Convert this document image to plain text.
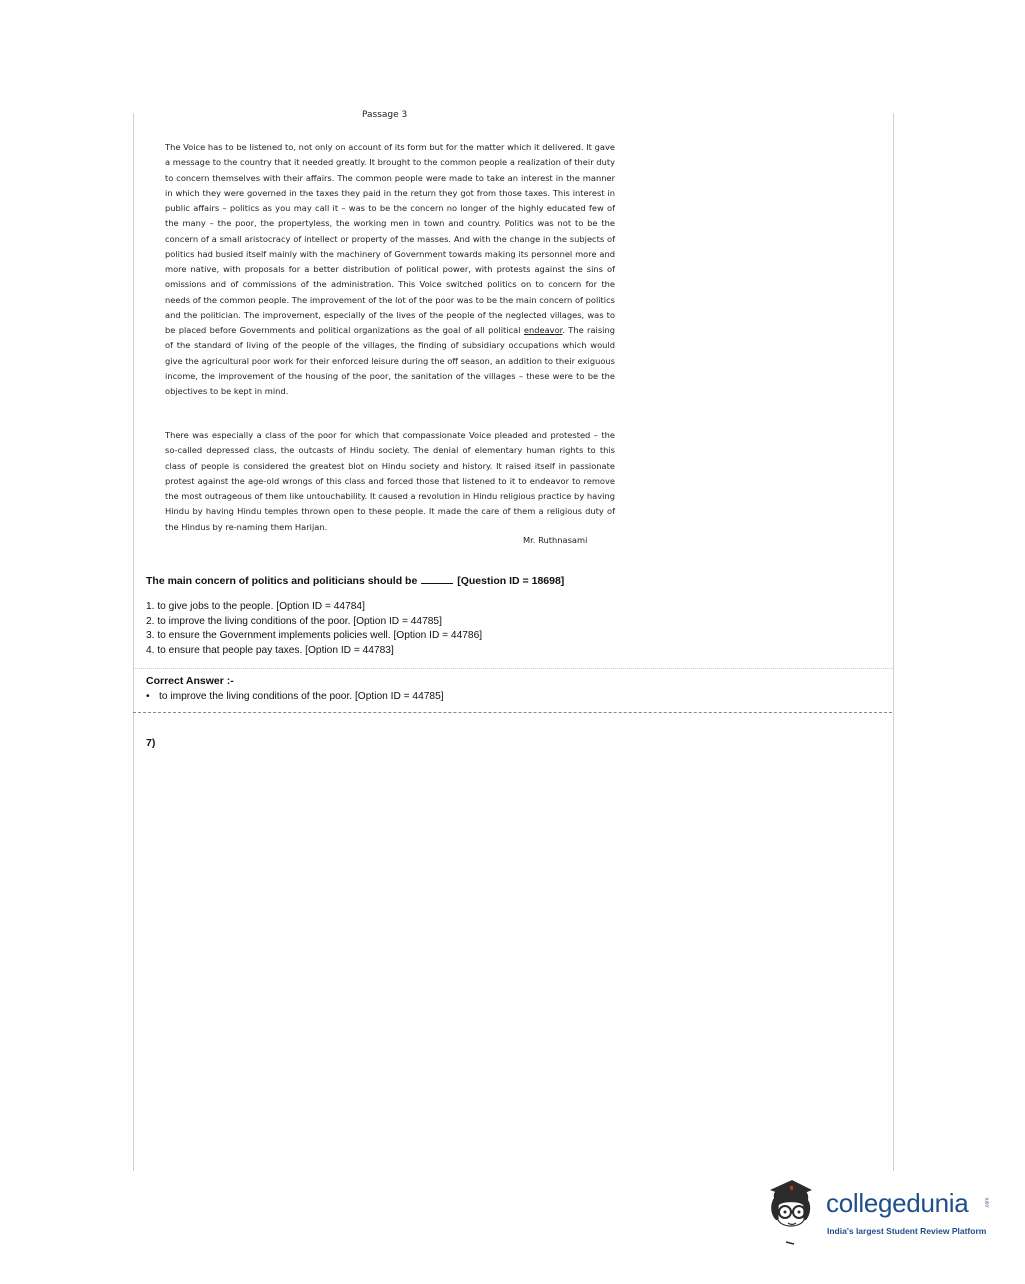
Passage 3
The Voice has to be listened to, not only on account of its form but for the matter which it delivered. It gave a message to the country that it needed greatly. It brought to the common people a realization of their duty to concern themselves with their affairs. The common people were made to take an interest in the manner in which they were governed in the taxes they paid in the return they got from those taxes. This interest in public affairs – politics as you may call it – was to be the concern no longer of the highly educated few of the many – the poor, the propertyless, the working men in town and country. Politics was not to be the concern of a small aristocracy of intellect or property of the masses. And with the change in the subjects of politics had busied itself mainly with the machinery of Government towards making its personnel more and more native, with proposals for a better distribution of political power, with protests against the sins of omissions and of commissions of the administration. This Voice switched politics on to concern for the needs of the common people. The improvement of the lot of the poor was to be the main concern of politics and the politician. The improvement, especially of the lives of the people of the neglected villages, was to be placed before Governments and political organizations as the goal of all political endeavor. The raising of the standard of living of the people of the villages, the finding of subsidiary occupations which would give the agricultural poor work for their enforced leisure during the off season, an addition to their exiguous income, the improvement of the housing of the poor, the sanitation of the villages – these were to be the objectives to be kept in mind.
There was especially a class of the poor for which that compassionate Voice pleaded and protested – the so-called depressed class, the outcasts of Hindu society. The denial of elementary human rights to this class of people is considered the greatest blot on Hindu society and history. It raised itself in passionate protest against the age-old wrongs of this class and forced those that listened to it to endeavor to remove the most outrageous of them like untouchability. It caused a revolution in Hindu religious practice by having Hindu by having Hindu temples thrown open to these people. It made the care of them a religious duty of the Hindus by re-naming them Harijan.
Mr. Ruthnasami
The main concern of politics and politicians should be	[Question ID = 18698]
1. to give jobs to the people. [Option ID = 44784]
2. to improve the living conditions of the poor. [Option ID = 44785]
3. to ensure the Government implements policies well. [Option ID = 44786]
4. to ensure that people pay taxes. [Option ID = 44783]
Correct Answer :-
• to improve the living conditions of the poor. [Option ID = 44785]
7)
collegedunia	.com
India's largest Student Review Platform
